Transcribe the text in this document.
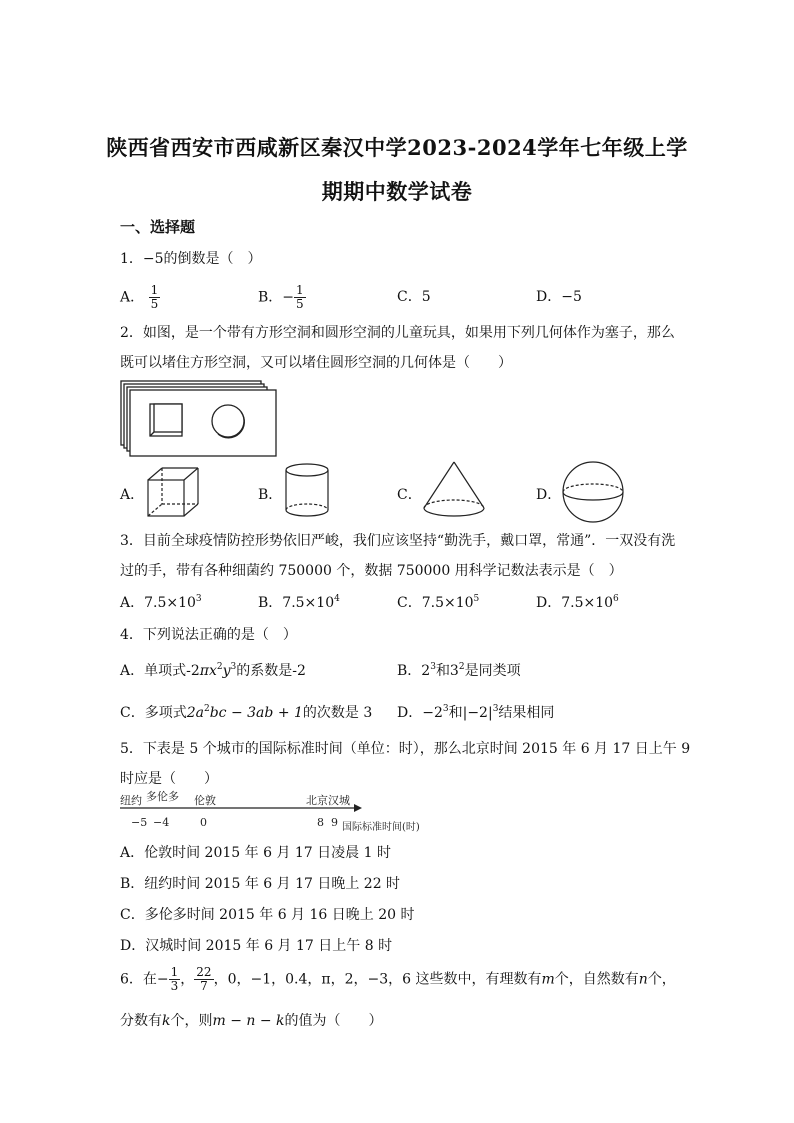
陕西省西安市西咸新区秦汉中学2023-2024学年七年级上学
期期中数学试卷
一、选择题
1．−5的倒数是（　）
A． $\frac{1}{5}$	B．− $\frac{1}{5}$	C．5	D．−5
2．如图，是一个带有方形空洞和圆形空洞的儿童玩具，如果用下列几何体作为塞子，那么
既可以堵住方形空洞，又可以堵住圆形空洞的几何体是（　　）
A．	B．	C．	D．
3．目前全球疫情防控形势依旧严峻，我们应该坚持“勤洗手，戴口罩，常通”．一双没有洗
过的手，带有各种细菌约 750000 个，数据 750000 用科学记数法表示是（　）
A．$7.5\times 10^3$	B．$7.5\times 10^4$	C．$7.5\times 10^5$	D．$7.5\times 10^6$
4．下列说法正确的是（　）
A．单项式$-2\pi x^2y^3$的系数是-2	B．$2^3$和$3^2$是同类项
C．多项式$2a^2bc - 3ab + 1$的次数是 3 D．$-2^3$和$|-2|^3$结果相同
5．下表是 5 个城市的国际标准时间（单位：时），那么北京时间 2015 年 6 月 17 日上午 9
时应是（　　）
纽约 多伦多 伦敦	北京汉城
−5 −4	0	8 9 国际标准时间(时)
A．伦敦时间 2015 年 6 月 17 日凌晨 1 时
B．纽约时间 2015 年 6 月 17 日晚上 22 时
C．多伦多时间 2015 年 6 月 16 日晚上 20 时
D．汉城时间 2015 年 6 月 17 日上午 8 时
6．在− $\frac{1}{3}$ ， $\frac{22}{7}$ ，0，−1，0.4，π，2，−3，6 这些数中，有理数有m个，自然数有n个，
分数有k个，则m − n − k的值为（　　）
